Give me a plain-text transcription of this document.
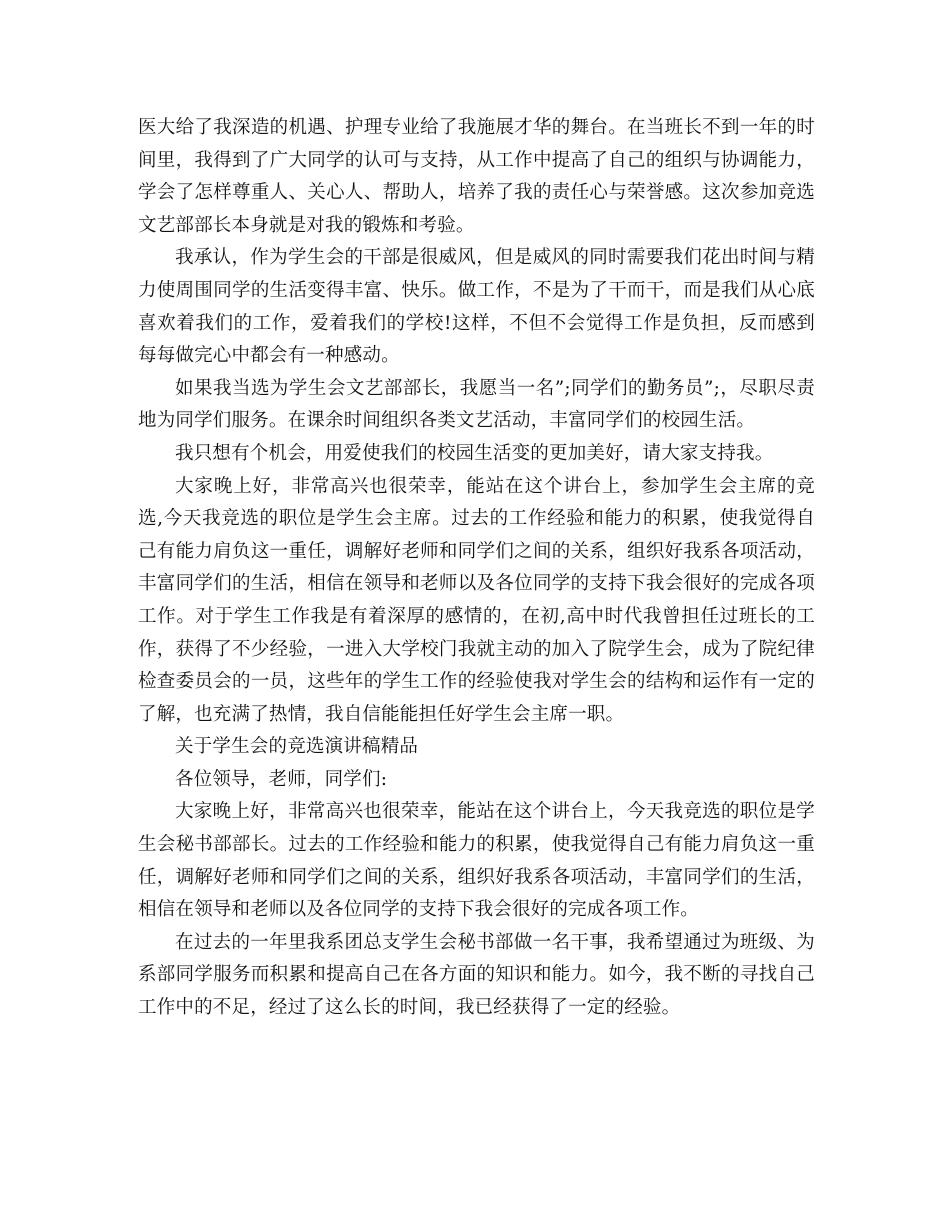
医大给了我深造的机遇、护理专业给了我施展才华的舞台。在当班长不到一年的时间里，我得到了广大同学的认可与支持，从工作中提高了自己的组织与协调能力，学会了怎样尊重人、关心人、帮助人，培养了我的责任心与荣誉感。这次参加竞选文艺部部长本身就是对我的锻炼和考验。

我承认，作为学生会的干部是很威风，但是威风的同时需要我们花出时间与精力使周围同学的生活变得丰富、快乐。做工作，不是为了干而干，而是我们从心底喜欢着我们的工作，爱着我们的学校!这样，不但不会觉得工作是负担，反而感到每每做完心中都会有一种感动。

如果我当选为学生会文艺部部长，我愿当一名”;同学们的勤务员”;，尽职尽责地为同学们服务。在课余时间组织各类文艺活动，丰富同学们的校园生活。

我只想有个机会，用爱使我们的校园生活变的更加美好，请大家支持我。

大家晚上好，非常高兴也很荣幸，能站在这个讲台上，参加学生会主席的竞选,今天我竞选的职位是学生会主席。过去的工作经验和能力的积累，使我觉得自己有能力肩负这一重任，调解好老师和同学们之间的关系，组织好我系各项活动，丰富同学们的生活，相信在领导和老师以及各位同学的支持下我会很好的完成各项工作。对于学生工作我是有着深厚的感情的，在初,高中时代我曾担任过班长的工作，获得了不少经验，一进入大学校门我就主动的加入了院学生会，成为了院纪律检查委员会的一员，这些年的学生工作的经验使我对学生会的结构和运作有一定的了解，也充满了热情，我自信能能担任好学生会主席一职。

关于学生会的竞选演讲稿精品

各位领导，老师，同学们:

大家晚上好，非常高兴也很荣幸，能站在这个讲台上，今天我竞选的职位是学生会秘书部部长。过去的工作经验和能力的积累，使我觉得自己有能力肩负这一重任，调解好老师和同学们之间的关系，组织好我系各项活动，丰富同学们的生活，相信在领导和老师以及各位同学的支持下我会很好的完成各项工作。

在过去的一年里我系团总支学生会秘书部做一名干事，我希望通过为班级、为系部同学服务而积累和提高自己在各方面的知识和能力。如今，我不断的寻找自己工作中的不足，经过了这么长的时间，我已经获得了一定的经验。
